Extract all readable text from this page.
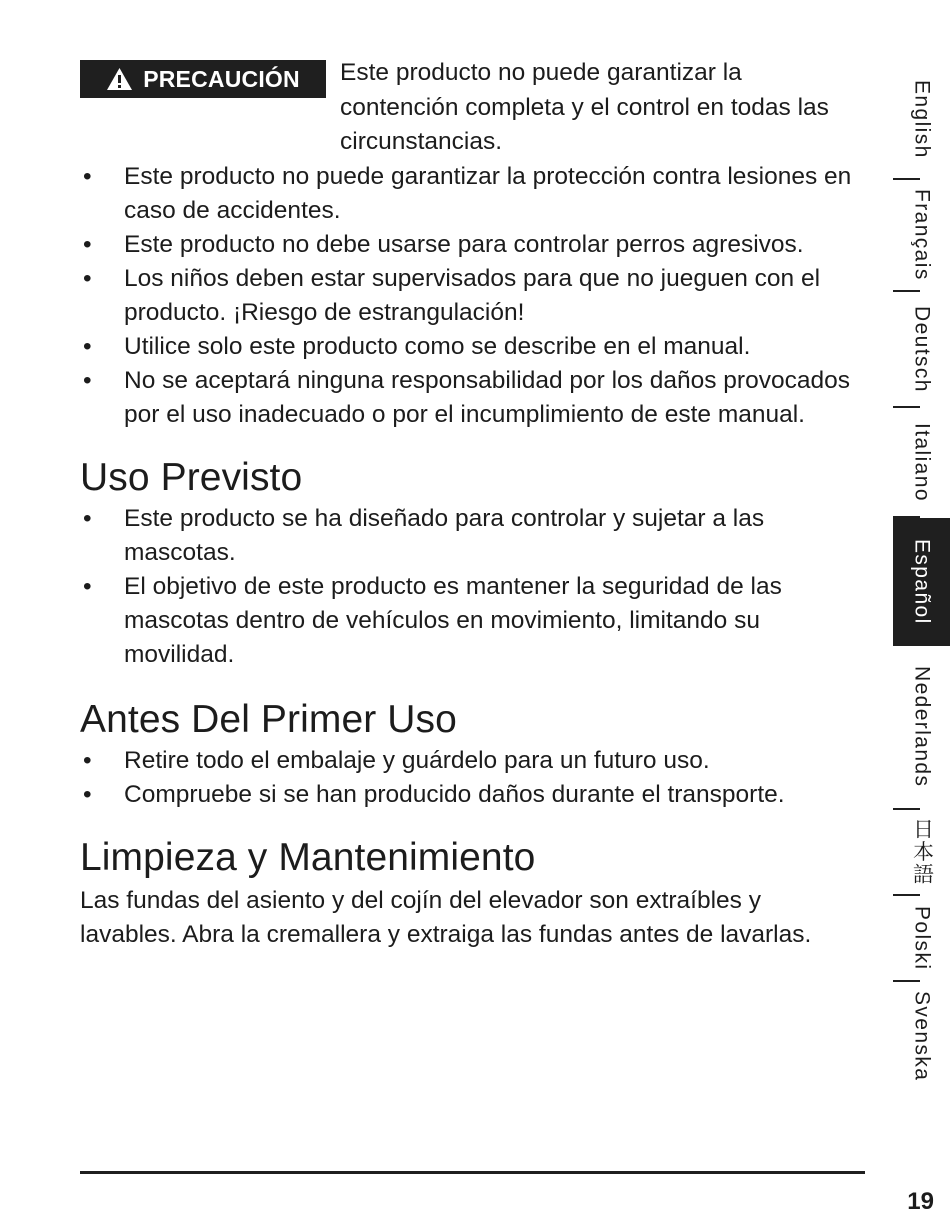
PRECAUCIÓN Este producto no puede garantizar la contención completa y el control en todas las circunstancias.
• Este producto no puede garantizar la protección contra lesiones en caso de accidentes.
• Este producto no debe usarse para controlar perros agresivos.
• Los niños deben estar supervisados para que no jueguen con el producto. ¡Riesgo de estrangulación!
• Utilice solo este producto como se describe en el manual.
• No se aceptará ninguna responsabilidad por los daños provocados por el uso inadecuado o por el incumplimiento de este manual.
Uso Previsto
• Este producto se ha diseñado para controlar y sujetar a las mascotas.
• El objetivo de este producto es mantener la seguridad de las mascotas dentro de vehículos en movimiento, limitando su movilidad.
Antes Del Primer Uso
• Retire todo el embalaje y guárdelo para un futuro uso.
• Compruebe si se han producido daños durante el transporte.
Limpieza y Mantenimiento
Las fundas del asiento y del cojín del elevador son extraíbles y lavables. Abra la cremallera y extraiga las fundas antes de lavarlas.
English
Français
Deutsch
Italiano
Español
Nederlands
日本語
Polski
Svenska
19
